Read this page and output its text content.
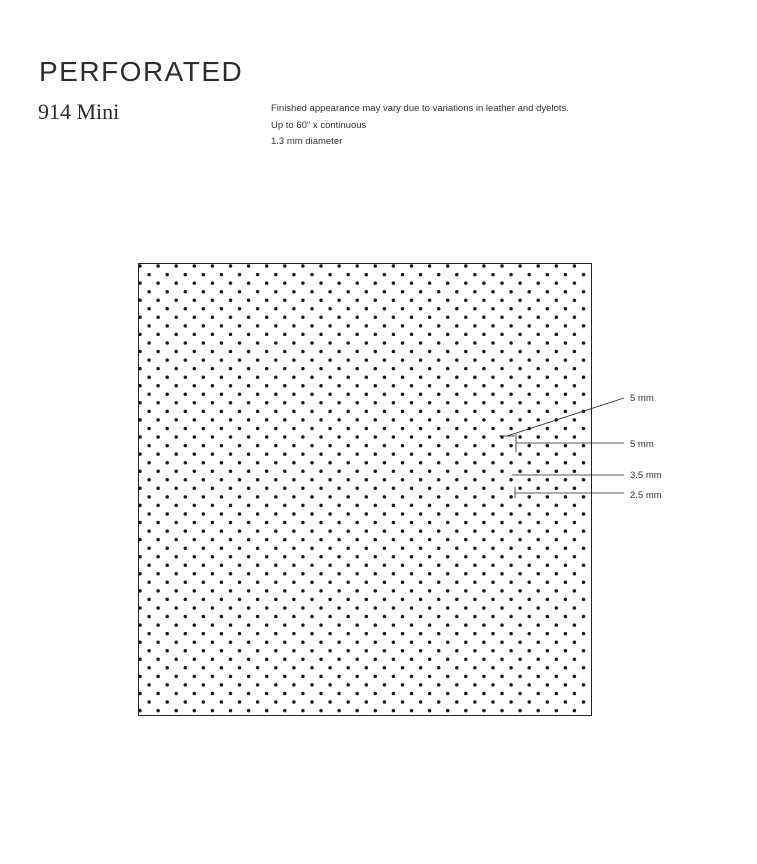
PERFORATED
914 Mini	Finished appearance may vary due to variations in leather and dyelots.
Up to 60" x continuous
1.3 mm diameter
5 mm
5 mm
3.5 mm
2.5 mm
